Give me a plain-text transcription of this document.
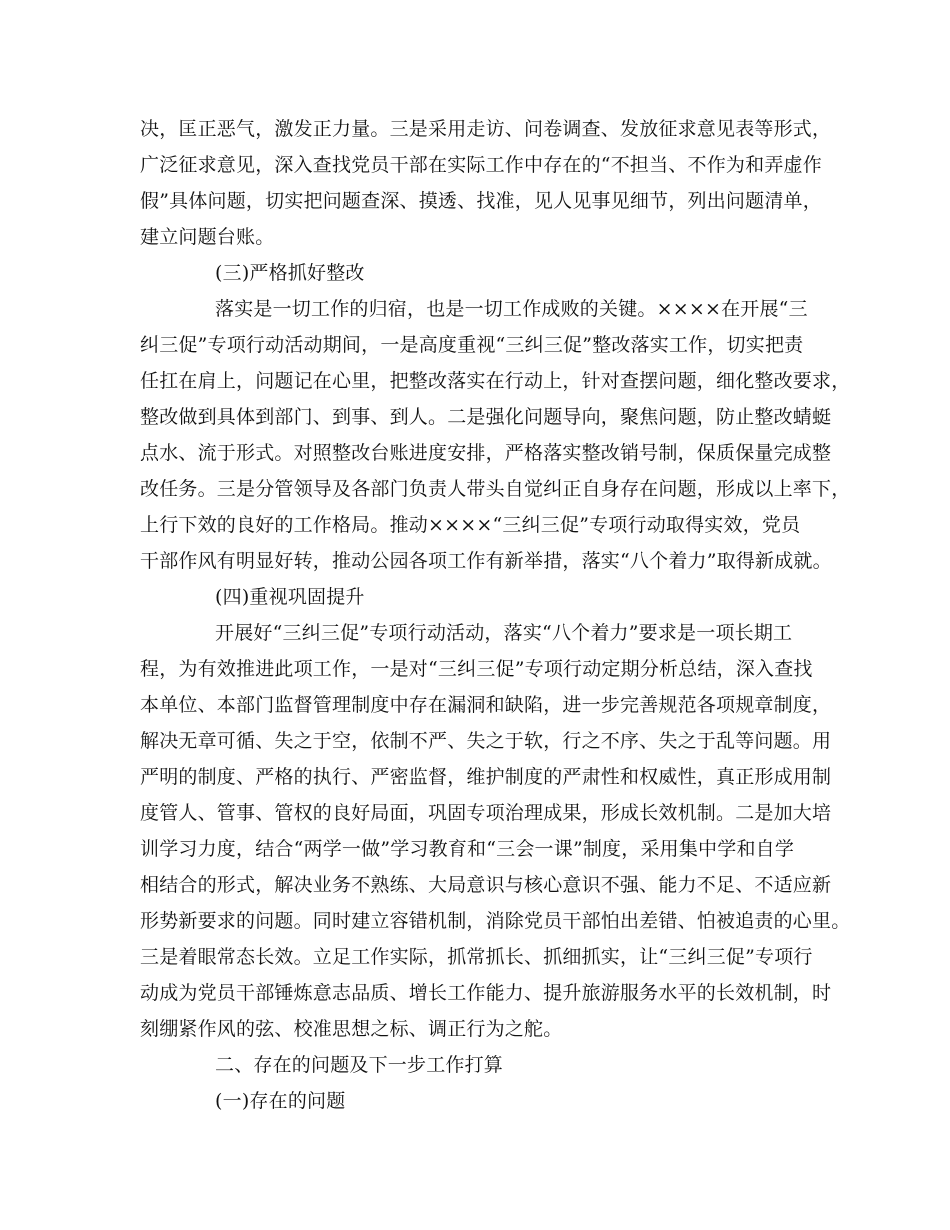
决，匡正恶气，激发正力量。三是采用走访、问卷调查、发放征求意见表等形式，
广泛征求意见，深入查找党员干部在实际工作中存在的“不担当、不作为和弄虚作
假”具体问题，切实把问题查深、摸透、找准，见人见事见细节，列出问题清单，
建立问题台账。
(三)严格抓好整改
落实是一切工作的归宿，也是一切工作成败的关键。××××在开展“三
纠三促”专项行动活动期间，一是高度重视“三纠三促”整改落实工作，切实把责
任扛在肩上，问题记在心里，把整改落实在行动上，针对查摆问题，细化整改要求，
整改做到具体到部门、到事、到人。二是强化问题导向，聚焦问题，防止整改蜻蜓
点水、流于形式。对照整改台账进度安排，严格落实整改销号制，保质保量完成整
改任务。三是分管领导及各部门负责人带头自觉纠正自身存在问题，形成以上率下，
上行下效的良好的工作格局。推动××××“三纠三促”专项行动取得实效，党员
干部作风有明显好转，推动公园各项工作有新举措，落实“八个着力”取得新成就。
(四)重视巩固提升
开展好“三纠三促”专项行动活动，落实“八个着力”要求是一项长期工
程，为有效推进此项工作，一是对“三纠三促”专项行动定期分析总结，深入查找
本单位、本部门监督管理制度中存在漏洞和缺陷，进一步完善规范各项规章制度，
解决无章可循、失之于空，依制不严、失之于软，行之不序、失之于乱等问题。用
严明的制度、严格的执行、严密监督，维护制度的严肃性和权威性，真正形成用制
度管人、管事、管权的良好局面，巩固专项治理成果，形成长效机制。二是加大培
训学习力度，结合“两学一做”学习教育和“三会一课”制度，采用集中学和自学
相结合的形式，解决业务不熟练、大局意识与核心意识不强、能力不足、不适应新
形势新要求的问题。同时建立容错机制，消除党员干部怕出差错、怕被追责的心里。
三是着眼常态长效。立足工作实际，抓常抓长、抓细抓实，让“三纠三促”专项行
动成为党员干部锤炼意志品质、增长工作能力、提升旅游服务水平的长效机制，时
刻绷紧作风的弦、校准思想之标、调正行为之舵。
二、存在的问题及下一步工作打算
(一)存在的问题
